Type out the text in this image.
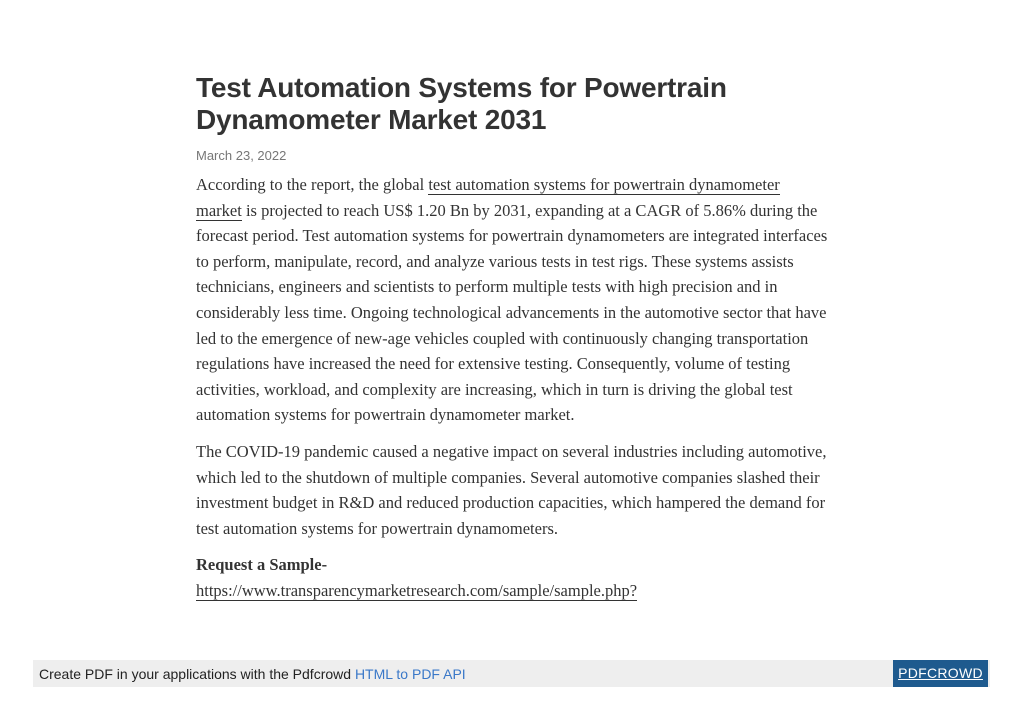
Test Automation Systems for Powertrain
Dynamometer Market 2031
March 23, 2022

According to the report, the global test automation systems for powertrain dynamometer market is projected to reach US$ 1.20 Bn by 2031, expanding at a CAGR of 5.86% during the forecast period. Test automation systems for powertrain dynamometers are integrated interfaces to perform, manipulate, record, and analyze various tests in test rigs. These systems assists technicians, engineers and scientists to perform multiple tests with high precision and in considerably less time. Ongoing technological advancements in the automotive sector that have led to the emergence of new-age vehicles coupled with continuously changing transportation regulations have increased the need for extensive testing. Consequently, volume of testing activities, workload, and complexity are increasing, which in turn is driving the global test automation systems for powertrain dynamometer market.

The COVID-19 pandemic caused a negative impact on several industries including automotive, which led to the shutdown of multiple companies. Several automotive companies slashed their investment budget in R&D and reduced production capacities, which hampered the demand for test automation systems for powertrain dynamometers.

Request a Sample-
https://www.transparencymarketresearch.com/sample/sample.php?

Create PDF in your applications with the Pdfcrowd HTML to PDF API	PDFCROWD
